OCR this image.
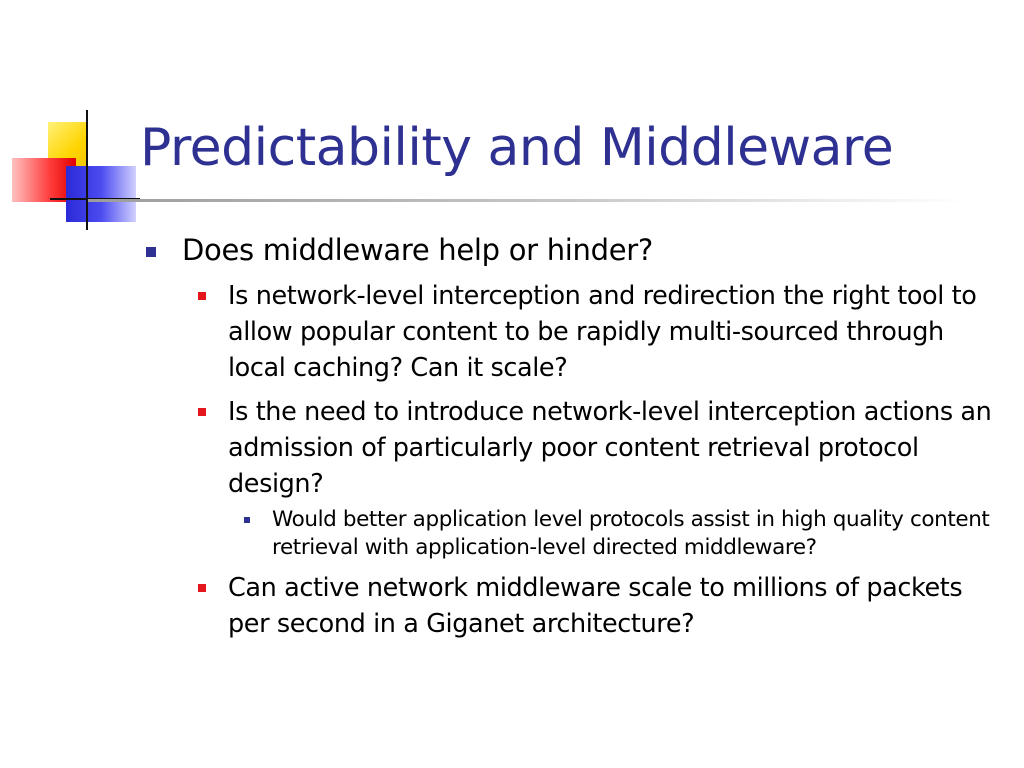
Predictability and Middleware
Does middleware help or hinder?
Is network-level interception and redirection the right tool to allow popular content to be rapidly multi-sourced through local caching? Can it scale?
Is the need to introduce network-level interception actions an admission of particularly poor content retrieval protocol design?
Would better application level protocols assist in high quality content retrieval with application-level directed middleware?
Can active network middleware scale to millions of packets per second in a Giganet architecture?
